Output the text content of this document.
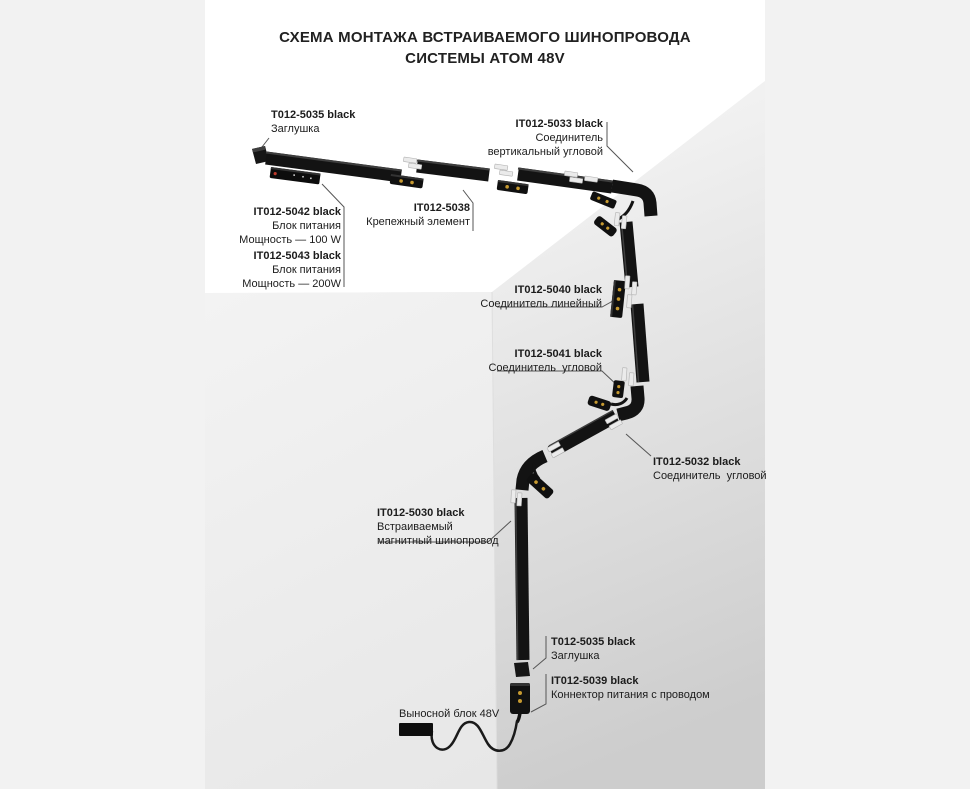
СХЕМА МОНТАЖА ВСТРАИВАЕМОГО ШИНОПРОВОДА
СИСТЕМЫ АТОМ 48V
T012-5035 black
Заглушка	IT012-5033 black
Соединитель
вертикальный угловой
IT012-5042 black
Блок питания
Мощность — 100 W
IT012-5043 black
Блок питания
Мощность — 200W
IT012-5038
Крепежный элемент
IT012-5040 black
Соединитель линейный
IT012-5041 black
Соединитель  угловой
IT012-5032 black
Соединитель  угловой
IT012-5030 black
Встраиваемый
магнитный шинопровод
T012-5035 black
Заглушка
IT012-5039 black
Коннектор питания с проводом
Выносной блок 48V
